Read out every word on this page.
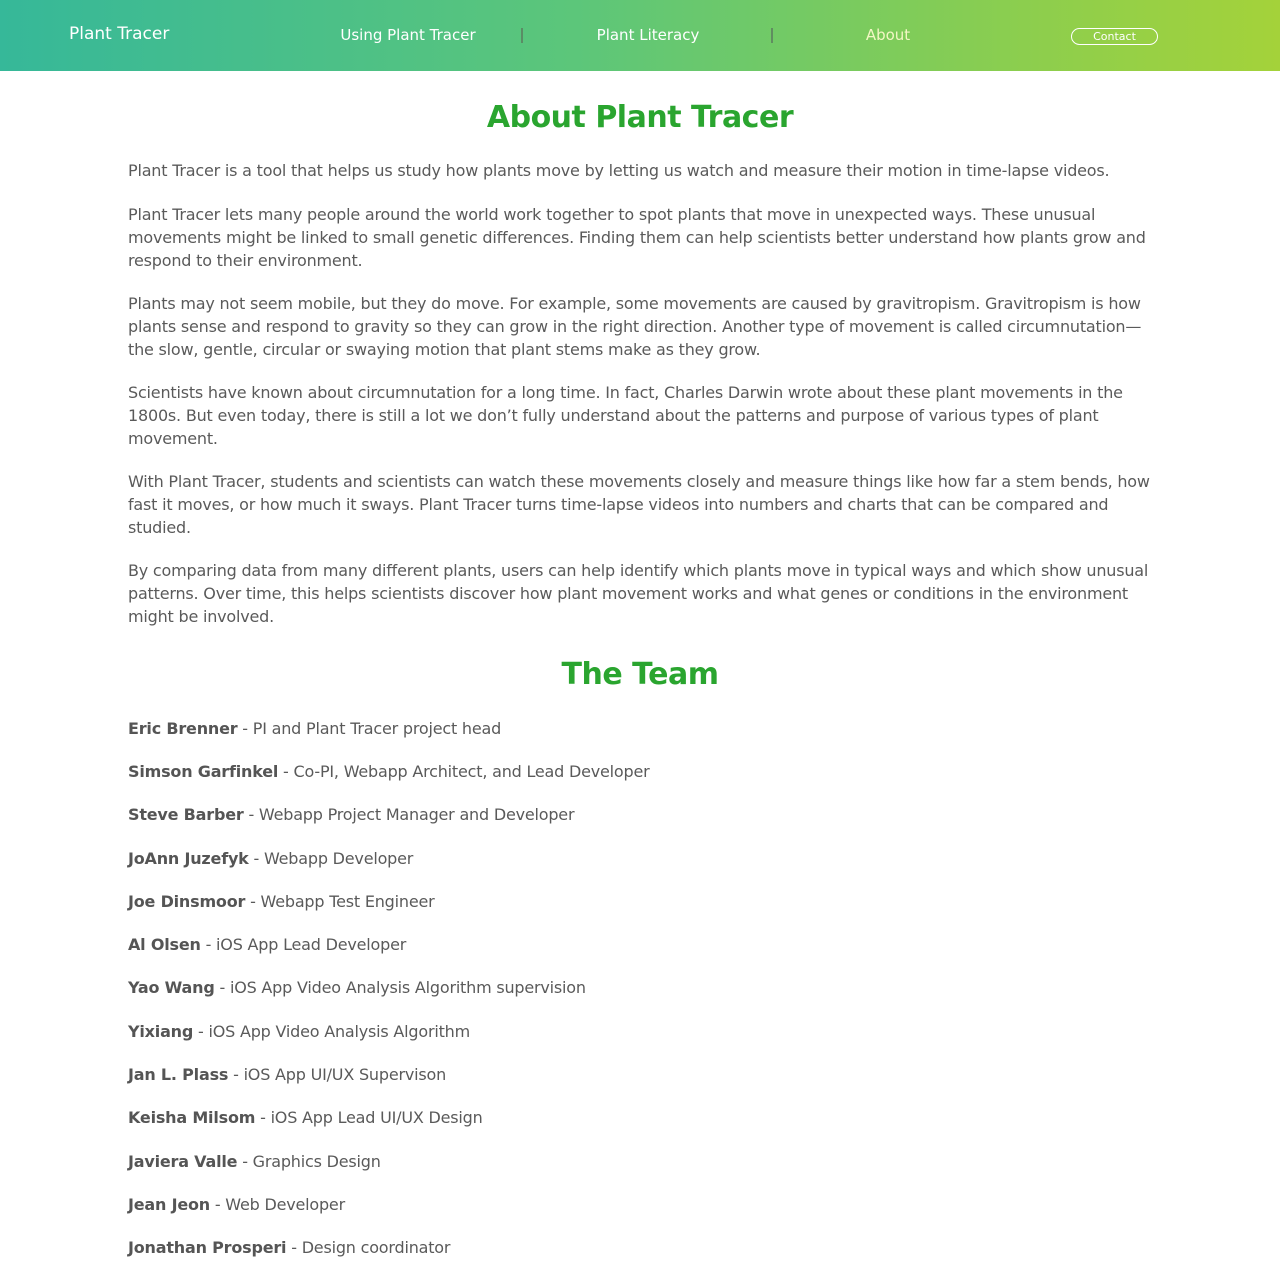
Plant Tracer	Using Plant Tracer	Plant Literacy	About	Contact
About Plant Tracer

Plant Tracer is a tool that helps us study how plants move by letting us watch and measure their motion in time-lapse videos.

Plant Tracer lets many people around the world work together to spot plants that move in unexpected ways. These unusual movements might be linked to small genetic differences. Finding them can help scientists better understand how plants grow and respond to their environment.

Plants may not seem mobile, but they do move. For example, some movements are caused by gravitropism. Gravitropism is how plants sense and respond to gravity so they can grow in the right direction. Another type of movement is called circumnutation—the slow, gentle, circular or swaying motion that plant stems make as they grow.

Scientists have known about circumnutation for a long time. In fact, Charles Darwin wrote about these plant movements in the 1800s. But even today, there is still a lot we don’t fully understand about the patterns and purpose of various types of plant movement.

With Plant Tracer, students and scientists can watch these movements closely and measure things like how far a stem bends, how fast it moves, or how much it sways. Plant Tracer turns time-lapse videos into numbers and charts that can be compared and studied.

By comparing data from many different plants, users can help identify which plants move in typical ways and which show unusual patterns. Over time, this helps scientists discover how plant movement works and what genes or conditions in the environment might be involved.

The Team

Eric Brenner - PI and Plant Tracer project head

Simson Garfinkel - Co-PI, Webapp Architect, and Lead Developer

Steve Barber - Webapp Project Manager and Developer

JoAnn Juzefyk - Webapp Developer

Joe Dinsmoor - Webapp Test Engineer

Al Olsen - iOS App Lead Developer

Yao Wang - iOS App Video Analysis Algorithm supervision

Yixiang - iOS App Video Analysis Algorithm

Jan L. Plass - iOS App UI/UX Supervison

Keisha Milsom - iOS App Lead UI/UX Design

Javiera Valle - Graphics Design

Jean Jeon - Web Developer

Jonathan Prosperi - Design coordinator
